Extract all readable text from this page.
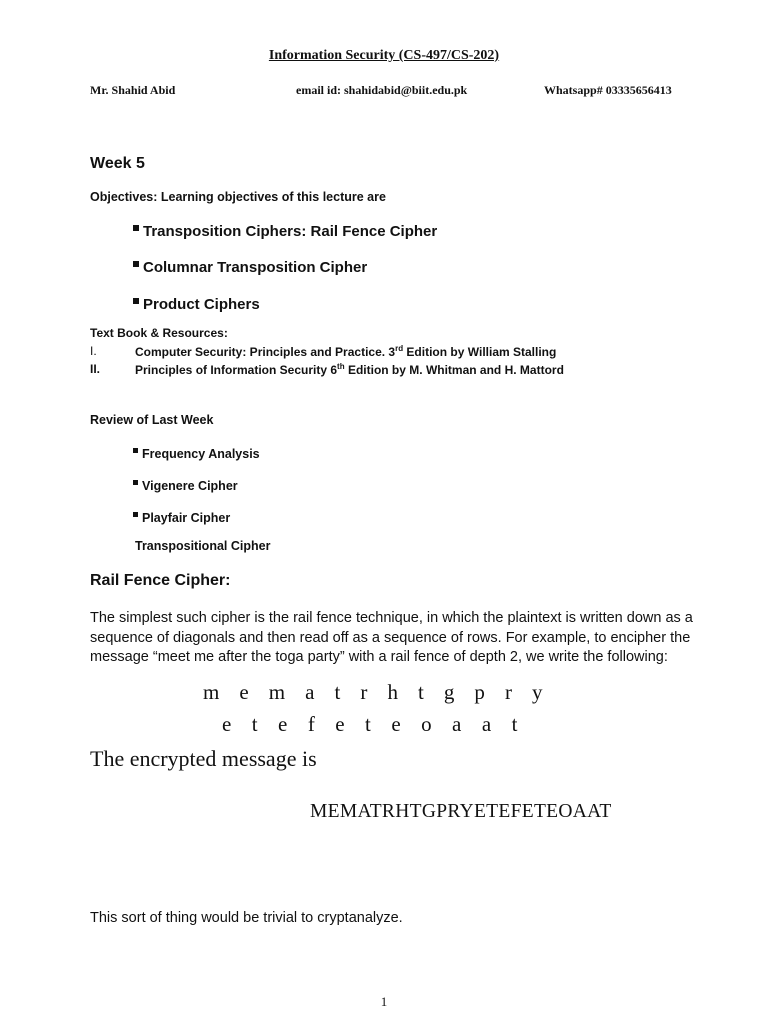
Information Security (CS-497/CS-202)
Mr. Shahid Abid	email id: shahidabid@biit.edu.pk	Whatsapp# 03335656413
Week 5
Objectives: Learning objectives of this lecture are
Transposition Ciphers: Rail Fence Cipher
Columnar Transposition Cipher
Product Ciphers
Text Book & Resources:
I.	Computer Security: Principles and Practice. 3rd Edition by William Stalling
II.	Principles of Information Security 6th Edition by M. Whitman and H. Mattord
Review of Last Week
Frequency Analysis
Vigenere Cipher
Playfair Cipher
Transpositional Cipher
Rail Fence Cipher:
The simplest such cipher is the rail fence technique, in which the plaintext is written down as a sequence of diagonals and then read off as a sequence of rows. For example, to encipher the message “meet me after the toga party” with a rail fence of depth 2, we write the following:
m e m a t r h t g p r y
e t e f e t e o a a t
The encrypted message is
MEMATRHTGPRYETEFETEOAAT
This sort of thing would be trivial to cryptanalyze.
1
